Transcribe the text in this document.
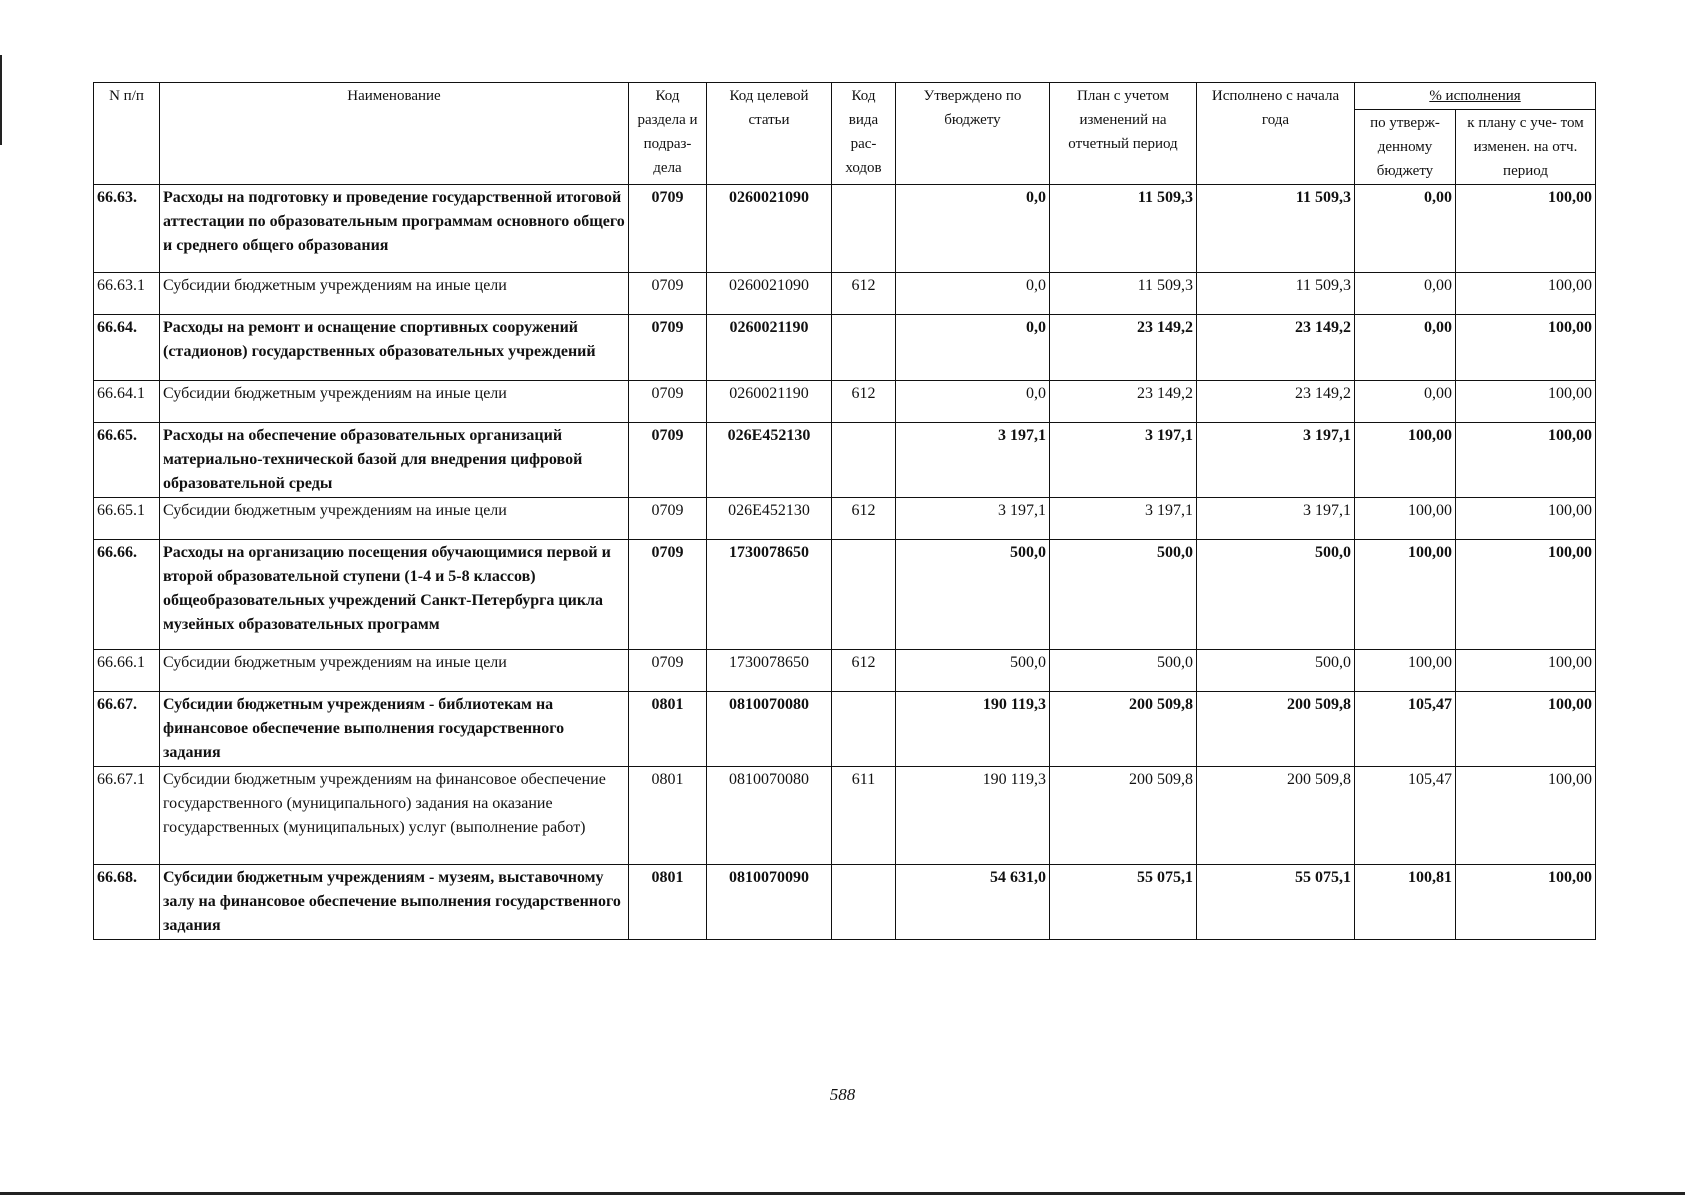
N п/п	Наименование	Код раздела и подраз- дела	Код целевой статьи	Код вида рас- ходов	Утверждено по бюджету	План с учетом изменений на отчетный период	Исполнено с начала года	% исполнения	
								по утверж- денному бюджету	к плану с уче- том изменен. на отч. период
66.63.	Расходы на подготовку и проведение государственной итоговой аттестации по образовательным программам основного общего и среднего общего образования	0709	0260021090		0,0	11 509,3	11 509,3	0,00	100,00
66.63.1	Субсидии бюджетным учреждениям на иные цели	0709	0260021090	612	0,0	11 509,3	11 509,3	0,00	100,00
66.64.	Расходы на ремонт и оснащение спортивных сооружений (стадионов) государственных образовательных учреждений	0709	0260021190		0,0	23 149,2	23 149,2	0,00	100,00
66.64.1	Субсидии бюджетным учреждениям на иные цели	0709	0260021190	612	0,0	23 149,2	23 149,2	0,00	100,00
66.65.	Расходы на обеспечение образовательных организаций материально-технической базой для внедрения цифровой образовательной среды	0709	026E452130		3 197,1	3 197,1	3 197,1	100,00	100,00
66.65.1	Субсидии бюджетным учреждениям на иные цели	0709	026E452130	612	3 197,1	3 197,1	3 197,1	100,00	100,00
66.66.	Расходы на организацию посещения обучающимися первой и второй образовательной ступени (1-4 и 5-8 классов) общеобразовательных учреждений Санкт-Петербурга цикла музейных образовательных программ	0709	1730078650		500,0	500,0	500,0	100,00	100,00
66.66.1	Субсидии бюджетным учреждениям на иные цели	0709	1730078650	612	500,0	500,0	500,0	100,00	100,00
66.67.	Субсидии бюджетным учреждениям - библиотекам на финансовое обеспечение выполнения государственного задания	0801	0810070080		190 119,3	200 509,8	200 509,8	105,47	100,00
66.67.1	Субсидии бюджетным учреждениям на финансовое обеспечение государственного (муниципального) задания на оказание государственных (муниципальных) услуг (выполнение работ)	0801	0810070080	611	190 119,3	200 509,8	200 509,8	105,47	100,00
66.68.	Субсидии бюджетным учреждениям - музеям, выставочному залу на финансовое обеспечение выполнения государственного задания	0801	0810070090		54 631,0	55 075,1	55 075,1	100,81	100,00
588
